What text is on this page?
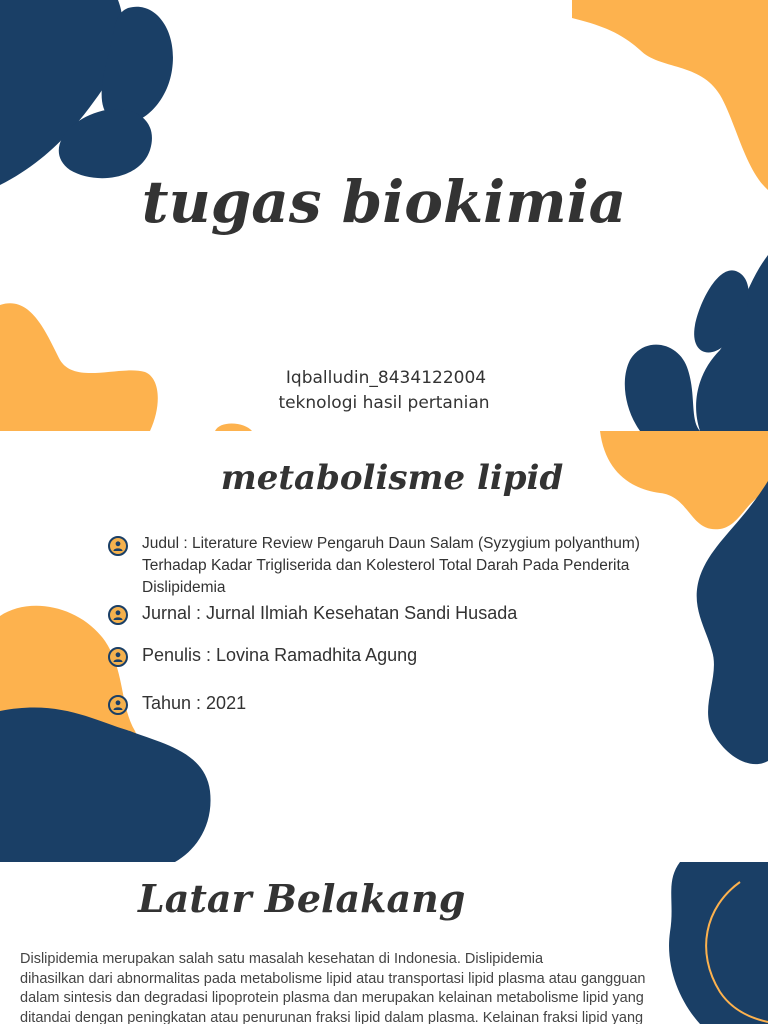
tugas biokimia
Iqballudin_8434122004
teknologi hasil pertanian
metabolisme lipid
Judul : Literature Review Pengaruh Daun Salam (Syzygium polyanthum)
Terhadap Kadar Trigliserida dan Kolesterol Total Darah Pada Penderita
Dislipidemia
Jurnal : Jurnal Ilmiah Kesehatan Sandi Husada
Penulis : Lovina Ramadhita Agung
Tahun : 2021
Latar Belakang
Dislipidemia merupakan salah satu masalah kesehatan di Indonesia. Dislipidemia
dihasilkan dari abnormalitas pada metabolisme lipid atau transportasi lipid plasma atau gangguan
dalam sintesis dan degradasi lipoprotein plasma dan merupakan kelainan metabolisme lipid yang
ditandai dengan peningkatan atau penurunan fraksi lipid dalam plasma. Kelainan fraksi lipid yang
